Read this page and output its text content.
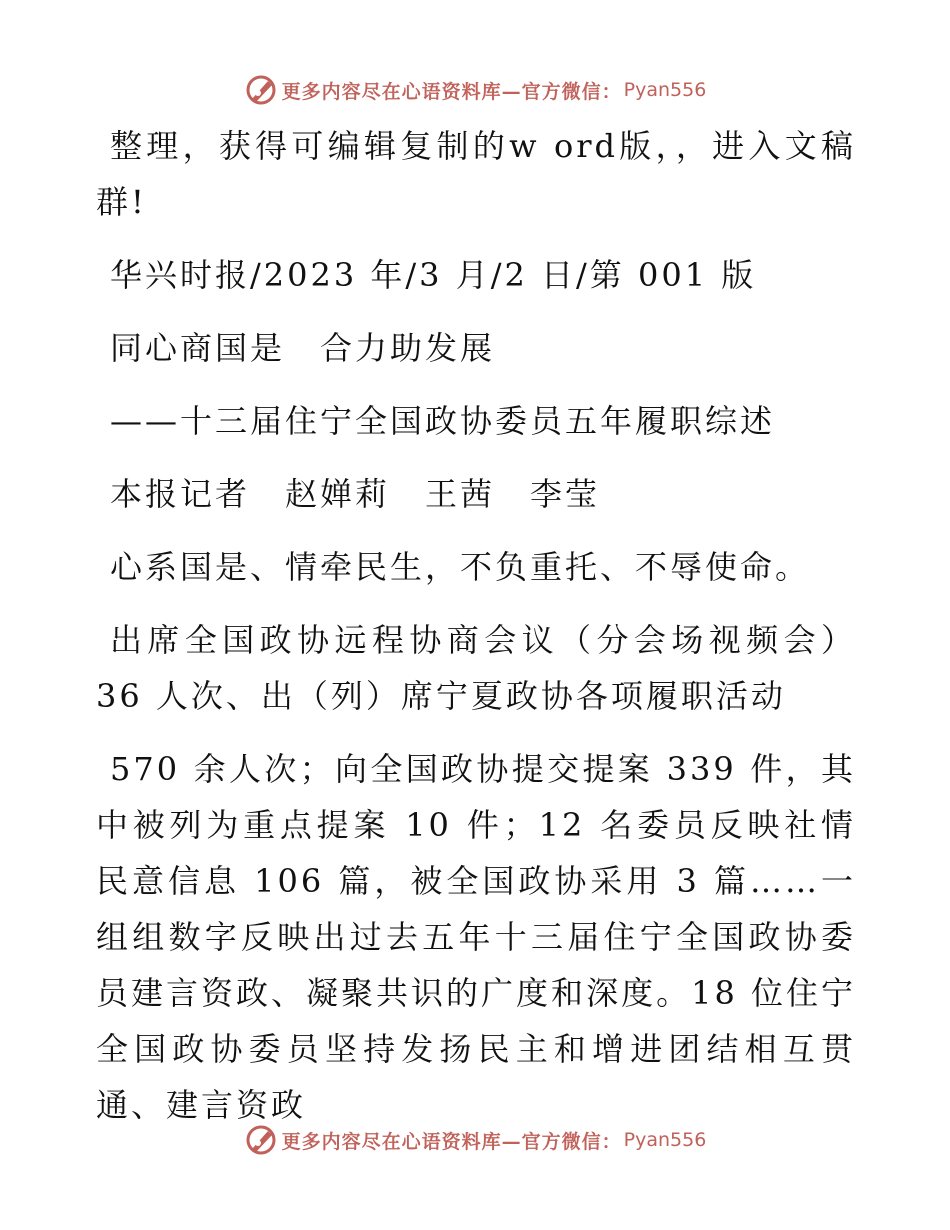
更多内容尽在心语资料库—官方微信： Pyan556

整理，获得可编辑复制的w ord版，，进入文稿群!

华兴时报/2023 年/3 月/2 日/第 001 版

同心商国是　合力助发展

——十三届住宁全国政协委员五年履职综述

本报记者　赵婵莉　王茜　李莹

心系国是、情牵民生，不负重托、不辱使命。

出席全国政协远程协商会议（分会场视频会）36 人次、出（列）席宁夏政协各项履职活动

570 余人次；向全国政协提交提案 339 件，其中被列为重点提案 10 件；12 名委员反映社情民意信息 106 篇，被全国政协采用 3 篇……一组组数字反映出过去五年十三届住宁全国政协委员建言资政、凝聚共识的广度和深度。18 位住宁全国政协委员坚持发扬民主和增进团结相互贯通、建言资政

更多内容尽在心语资料库—官方微信： Pyan556
